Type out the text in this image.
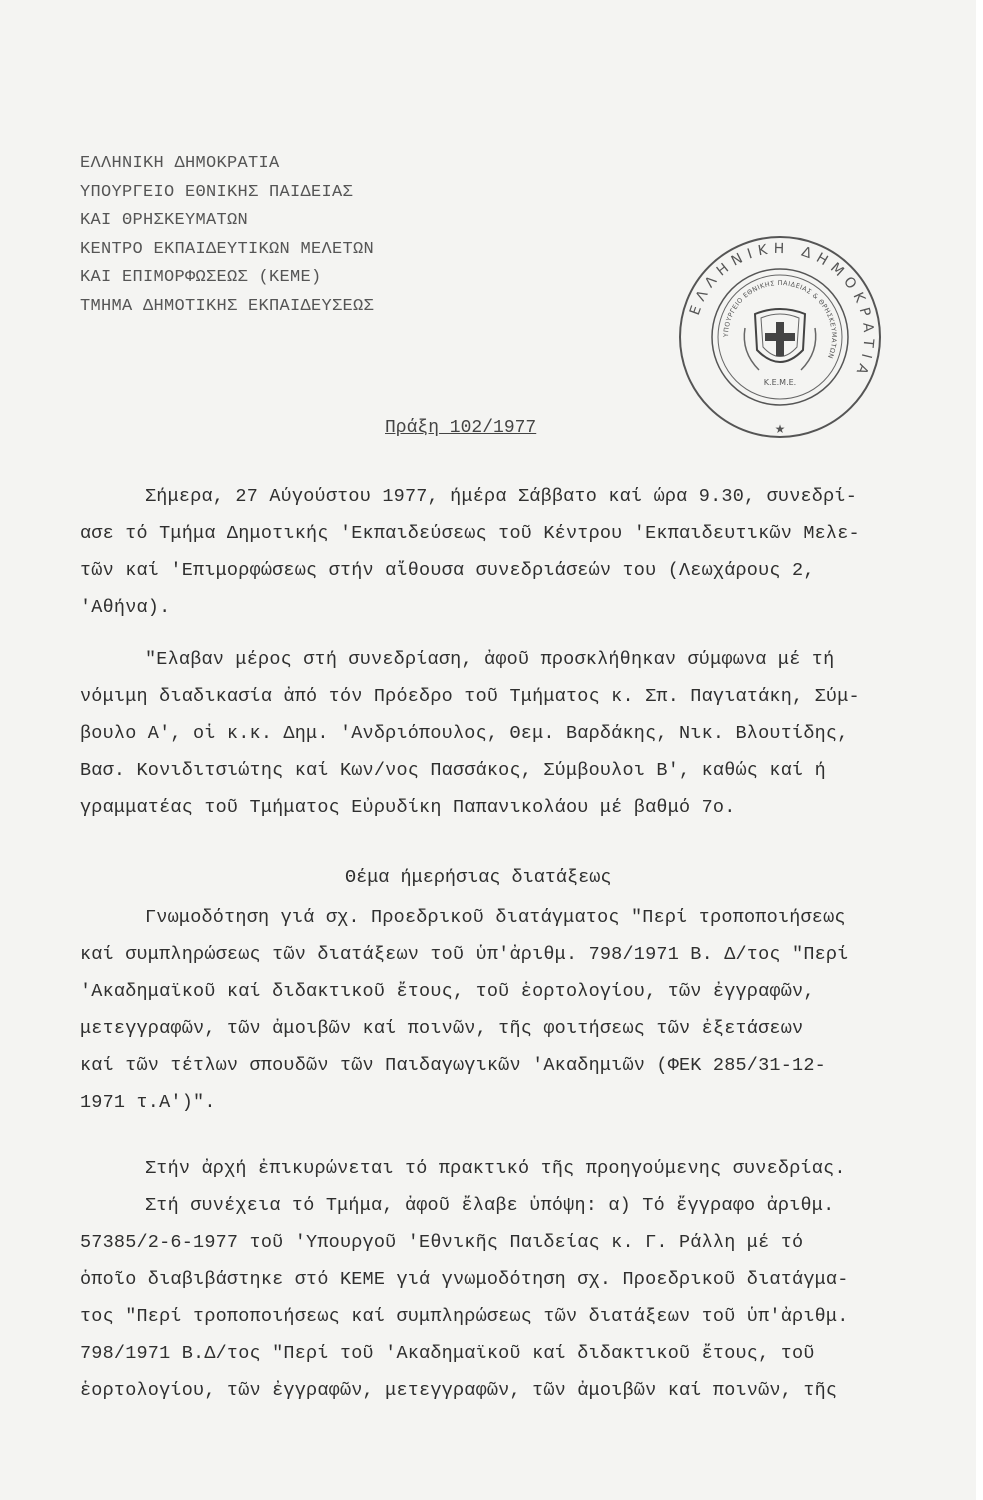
ΕΛΛΗΝΙΚΗ ΔΗΜΟΚΡΑΤΙΑ
ΥΠΟΥΡΓΕΙΟ ΕΘΝΙΚΗΣ ΠΑΙΔΕΙΑΣ
ΚΑΙ ΘΡΗΣΚΕΥΜΑΤΩΝ
ΚΕΝΤΡΟ ΕΚΠΑΙΔΕΥΤΙΚΩΝ ΜΕΛΕΤΩΝ
ΚΑΙ ΕΠΙΜΟΡΦΩΣΕΩΣ (ΚΕΜΕ)
ΤΜΗΜΑ ΔΗΜΟΤΙΚΗΣ ΕΚΠΑΙΔΕΥΣΕΩΣ	ΕΛΛΗΝΙΚΗ ΔΗΜΟΚΡΑΤΙΑ
ΥΠΟΥΡΓΕΙΟ ΕΘΝΙΚΗΣ ΠΑΙΔΕΙΑΣ & ΘΡΗΣΚΕΥΜΑΤΩΝ
Κ.Ε.Μ.Ε.
★
Πράξη 102/1977
Σήμερα, 27 Αύγούστου 1977, ήμέρα Σάββατο καί ώρα 9.30, συνεδρί-
ασε τό Τμήμα Δημοτικής 'Εκπαιδεύσεως τοῦ Κέντρου 'Εκπαιδευτικῶν Μελε-
τῶν καί 'Επιμορφώσεως στήν αἴθουσα συνεδριάσεών του (Λεωχάρους 2,
'Αθήνα).
"Ελαβαν μέρος στή συνεδρίαση, ἀφοῦ προσκλήθηκαν σύμφωνα μέ τή
νόμιμη διαδικασία ἀπό τόν Πρόεδρο τοῦ Τμήματος κ. Σπ. Παγιατάκη, Σύμ-
βουλο Α', οἱ κ.κ. Δημ. 'Ανδριόπουλος, Θεμ. Βαρδάκης, Νικ. Βλουτίδης,
Βασ. Κονιδιτσιώτης καί Κων/νος Πασσάκος, Σύμβουλοι Β', καθώς καί ή
γραμματέας τοῦ Τμήματος Εὐρυδίκη Παπανικολάου μέ βαθμό 7ο.
Θέμα ήμερήσιας διατάξεως
Γνωμοδότηση γιά σχ. Προεδρικοῦ διατάγματος "Περί τροποποιήσεως
καί συμπληρώσεως τῶν διατάξεων τοῦ ὑπ'ἀριθμ. 798/1971 Β. Δ/τος "Περί
'Ακαδημαϊκοῦ καί διδακτικοῦ ἔτους, τοῦ ἑορτολογίου, τῶν ἐγγραφῶν,
μετεγγραφῶν, τῶν ἀμοιβῶν καί ποινῶν, τῆς φοιτήσεως τῶν ἐξετάσεων
καί τῶν τέτλων σπουδῶν τῶν Παιδαγωγικῶν 'Ακαδημιῶν (ΦΕΚ 285/31-12-
1971 τ.Α')".
Στήν ἀρχή ἐπικυρώνεται τό πρακτικό τῆς προηγούμενης συνεδρίας.
Στή συνέχεια τό Τμήμα, ἀφοῦ ἔλαβε ὑπόψη: α) Τό ἔγγραφο ἀριθμ.
57385/2-6-1977 τοῦ 'Υπουργοῦ 'Εθνικῆς Παιδείας κ. Γ. Ράλλη μέ τό
ὁποῖο διαβιβάστηκε στό ΚΕΜΕ γιά γνωμοδότηση σχ. Προεδρικοῦ διατάγμα-
τος "Περί τροποποιήσεως καί συμπληρώσεως τῶν διατάξεων τοῦ ὑπ'ἀριθμ.
798/1971 Β.Δ/τος "Περί τοῦ 'Ακαδημαϊκοῦ καί διδακτικοῦ ἔτους, τοῦ
ἑορτολογίου, τῶν ἐγγραφῶν, μετεγγραφῶν, τῶν ἀμοιβῶν καί ποινῶν, τῆς
